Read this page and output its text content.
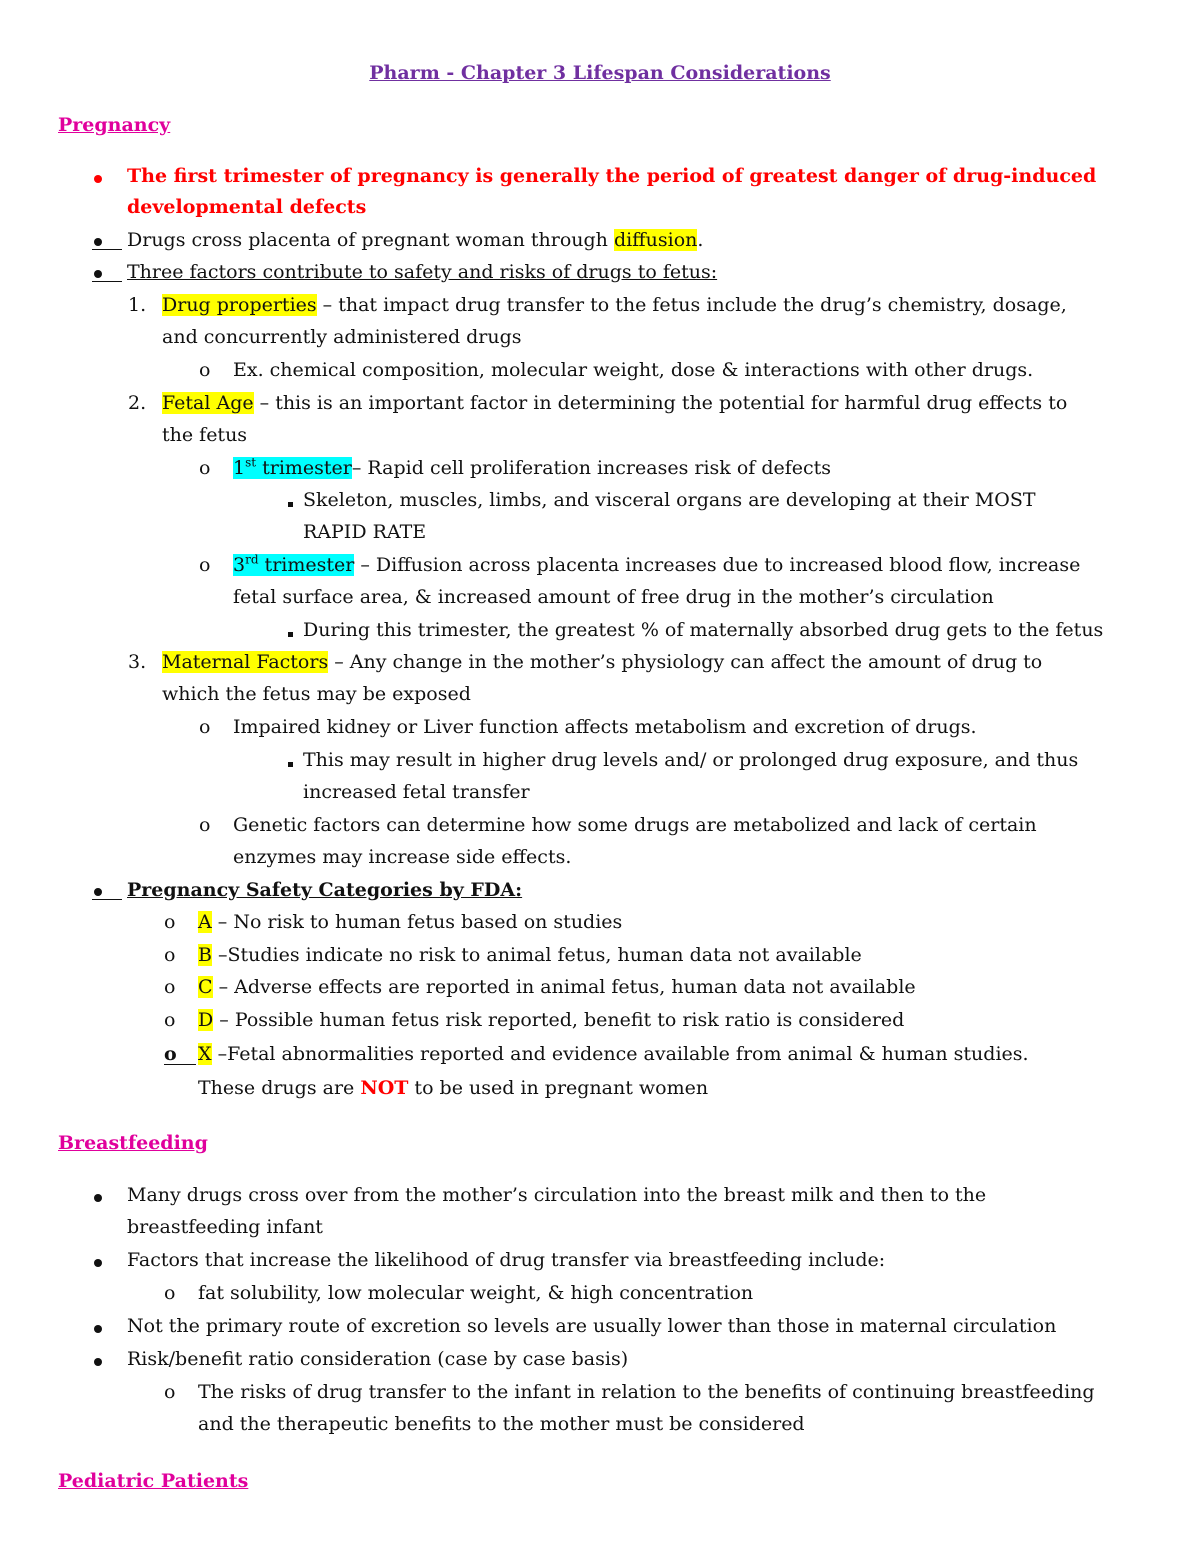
Pharm - Chapter 3 Lifespan Considerations
Pregnancy
The first trimester of pregnancy is generally the period of greatest danger of drug-induced
developmental defects
Drugs cross placenta of pregnant woman through diffusion.
Three factors contribute to safety and risks of drugs to fetus:
1. Drug properties – that impact drug transfer to the fetus include the drug’s chemistry, dosage,
and concurrently administered drugs
o Ex. chemical composition, molecular weight, dose & interactions with other drugs.
2. Fetal Age – this is an important factor in determining the potential for harmful drug effects to
the fetus
o 1st trimester– Rapid cell proliferation increases risk of defects
Skeleton, muscles, limbs, and visceral organs are developing at their MOST
RAPID RATE
o 3rd trimester – Diffusion across placenta increases due to increased blood flow, increase
fetal surface area, & increased amount of free drug in the mother’s circulation
During this trimester, the greatest % of maternally absorbed drug gets to the fetus
3. Maternal Factors – Any change in the mother’s physiology can affect the amount of drug to
which the fetus may be exposed
o Impaired kidney or Liver function affects metabolism and excretion of drugs.
This may result in higher drug levels and/ or prolonged drug exposure, and thus
increased fetal transfer
o Genetic factors can determine how some drugs are metabolized and lack of certain
enzymes may increase side effects.
Pregnancy Safety Categories by FDA:
o A – No risk to human fetus based on studies
o B –Studies indicate no risk to animal fetus, human data not available
o C – Adverse effects are reported in animal fetus, human data not available
o D – Possible human fetus risk reported, benefit to risk ratio is considered
o	X –Fetal abnormalities reported and evidence available from animal & human studies.
These drugs are NOT to be used in pregnant women
Breastfeeding
Many drugs cross over from the mother’s circulation into the breast milk and then to the
breastfeeding infant
Factors that increase the likelihood of drug transfer via breastfeeding include:
o fat solubility, low molecular weight, & high concentration
Not the primary route of excretion so levels are usually lower than those in maternal circulation
Risk/benefit ratio consideration (case by case basis)
o The risks of drug transfer to the infant in relation to the benefits of continuing breastfeeding
and the therapeutic benefits to the mother must be considered
Pediatric Patients
